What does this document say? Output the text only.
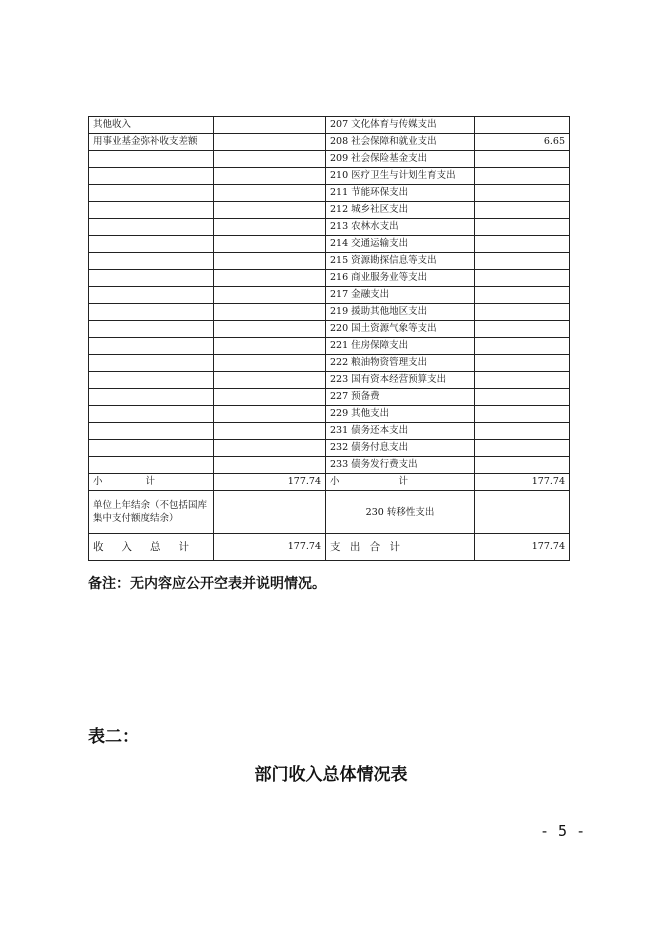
其他收入		207 文化体育与传媒支出	
用事业基金弥补收支差额		208 社会保障和就业支出	6.65
		209 社会保险基金支出	
		210 医疗卫生与计划生育支出	
		211 节能环保支出	
		212 城乡社区支出	
		213 农林水支出	
		214 交通运输支出	
		215 资源勘探信息等支出	
		216 商业服务业等支出	
		217 金融支出	
		219 援助其他地区支出	
		220 国土资源气象等支出	
		221 住房保障支出	
		222 粮油物资管理支出	
		223 国有资本经营预算支出	
		227 预备费	
		229 其他支出	
		231 债务还本支出	
		232 债务付息支出	
		233 债务发行费支出	

小 计	177.74	小 计	177.74
单位上年结余（不包括国库集中支付额度结余）		230 转移性支出	

收 入 总 计	177.74	支 出 合 计	177.74
备注：无内容应公开空表并说明情况。
表二：
部门收入总体情况表
- 5 -
